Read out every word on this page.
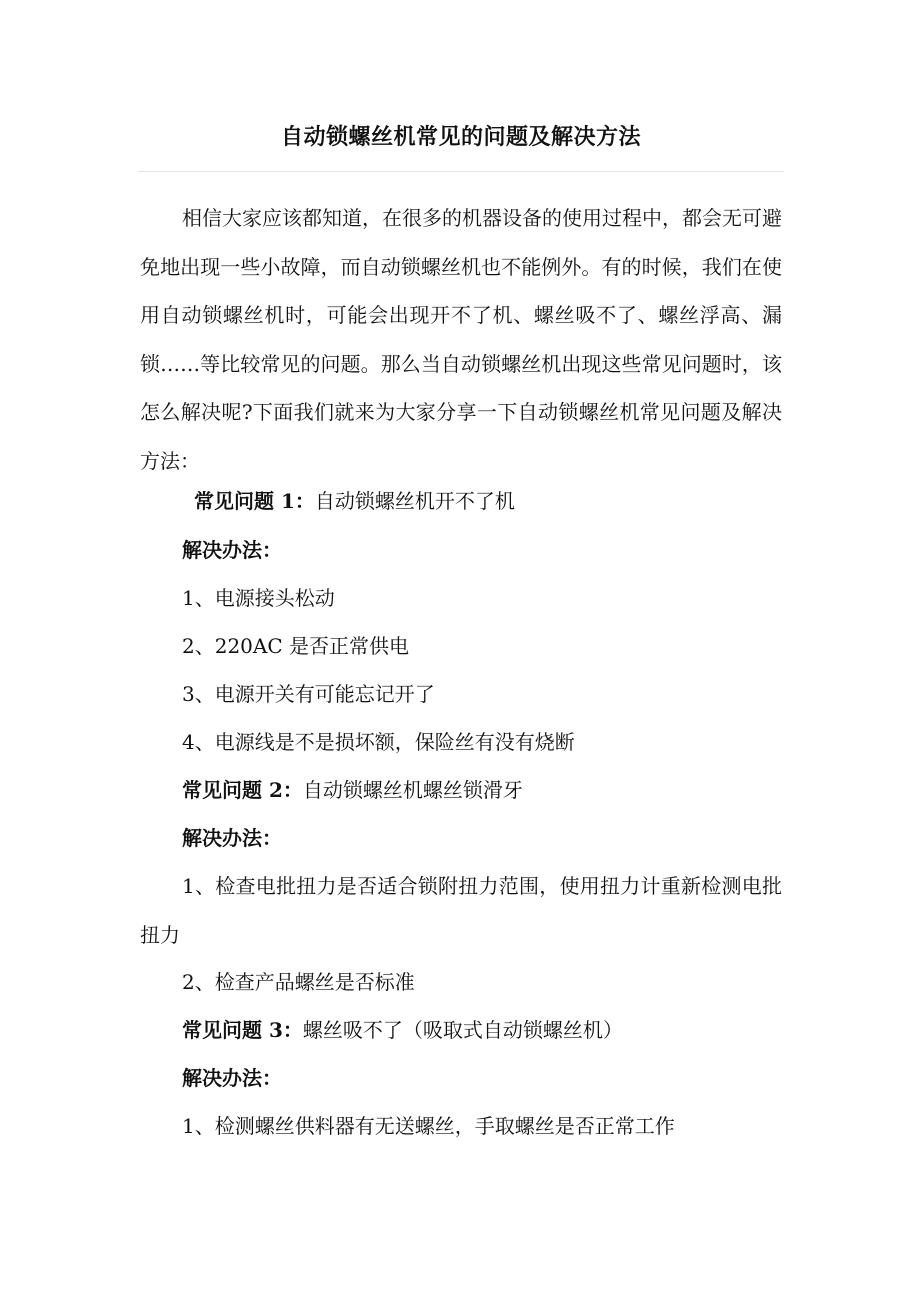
自动锁螺丝机常见的问题及解决方法

相信大家应该都知道，在很多的机器设备的使用过程中，都会无可避免地出现一些小故障，而自动锁螺丝机也不能例外。有的时候，我们在使用自动锁螺丝机时，可能会出现开不了机、螺丝吸不了、螺丝浮高、漏锁……等比较常见的问题。那么当自动锁螺丝机出现这些常见问题时，该怎么解决呢?下面我们就来为大家分享一下自动锁螺丝机常见问题及解决方法：

常见问题 1：自动锁螺丝机开不了机

解决办法：

1、电源接头松动

2、220AC 是否正常供电

3、电源开关有可能忘记开了

4、电源线是不是损坏额，保险丝有没有烧断

常见问题 2：自动锁螺丝机螺丝锁滑牙

解决办法：

1、检查电批扭力是否适合锁附扭力范围，使用扭力计重新检测电批扭力

2、检查产品螺丝是否标准

常见问题 3：螺丝吸不了（吸取式自动锁螺丝机）

解决办法：

1、检测螺丝供料器有无送螺丝，手取螺丝是否正常工作
